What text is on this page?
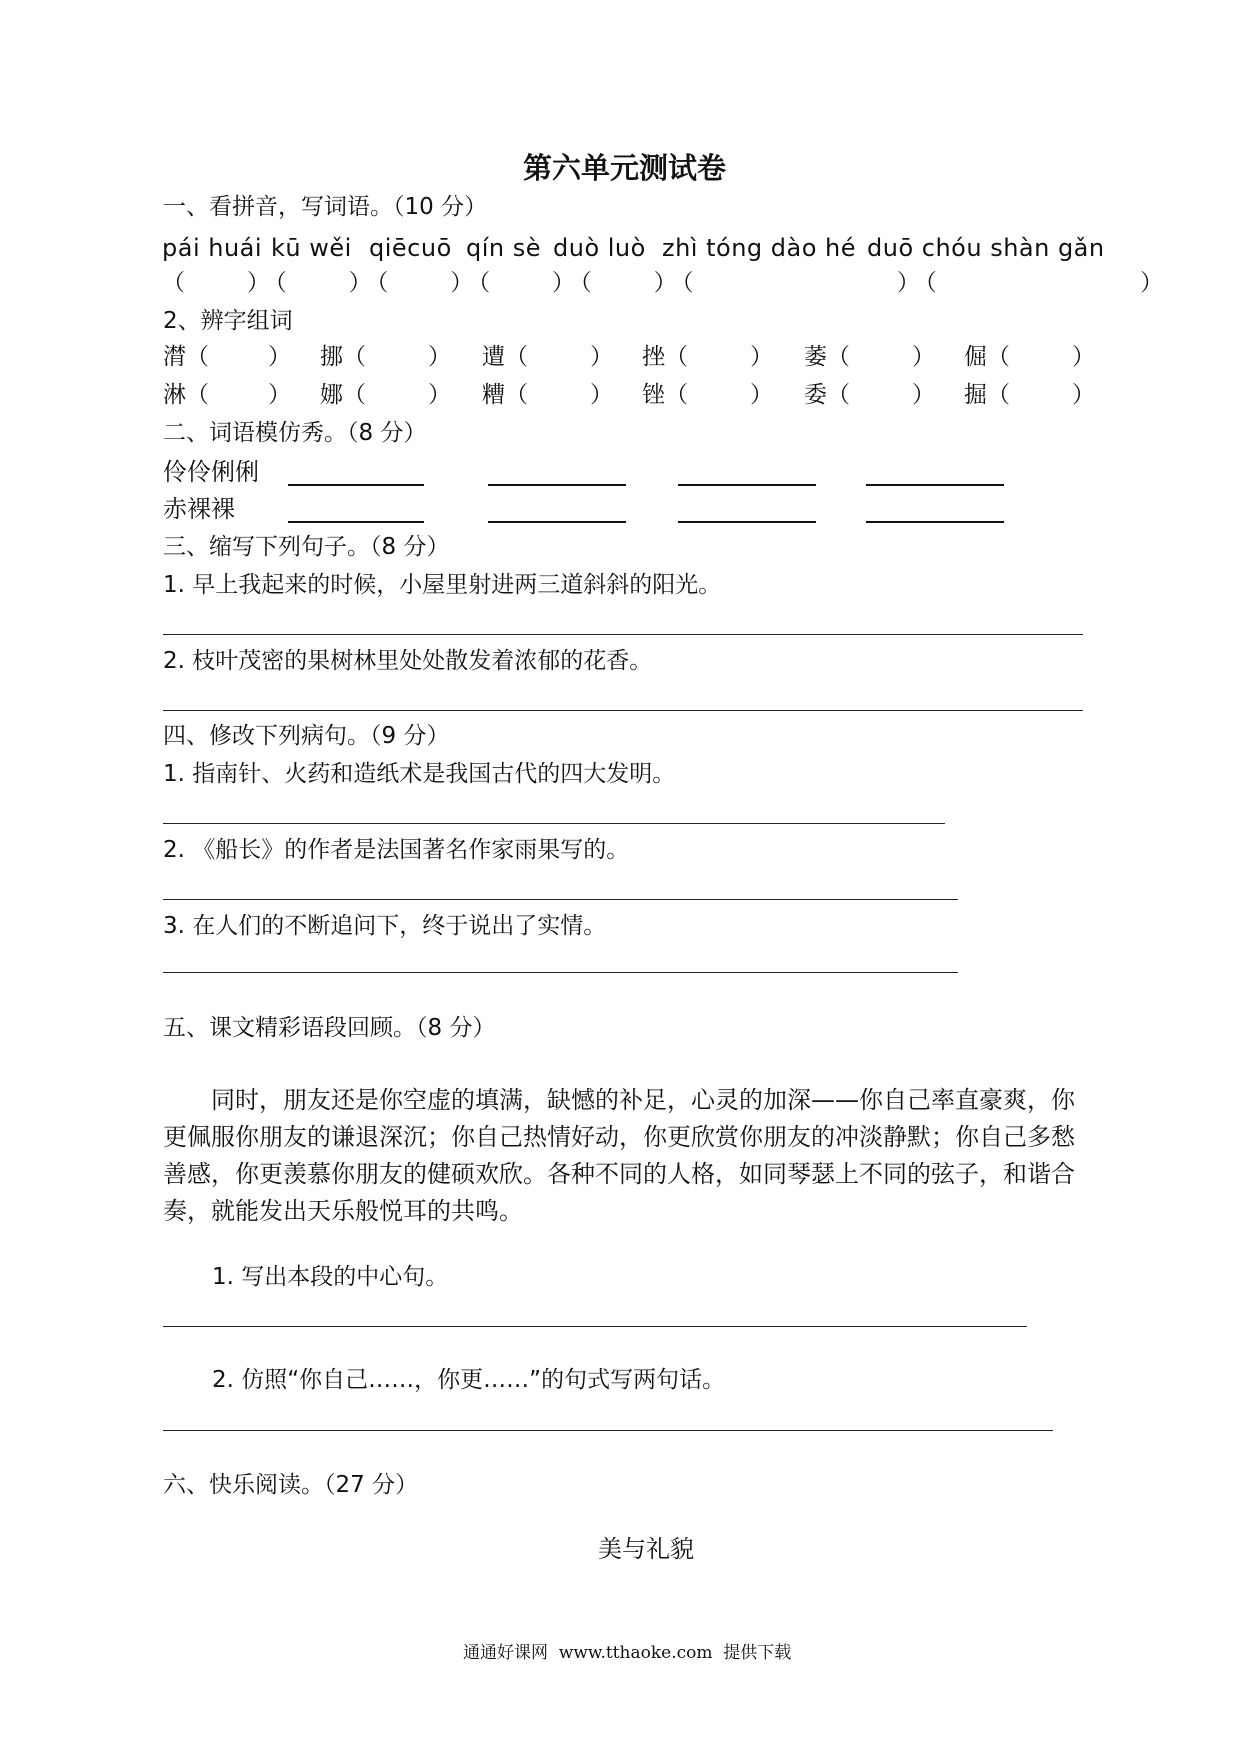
第六单元测试卷
一、看拼音，写词语。（10 分）
pái huái kū wěi qiēcuō qín sè duò luò zhì tóng dào hé duō chóu shàn gǎn
（　　）（　　）（　　）（　　）（　　）（　　　　　　　）（　　　　　　　）
2、辨字组词
潸（	） 挪（	） 遭（	） 挫（	） 萎（	） 倔（	）
淋（	） 娜（	） 糟（	） 锉（	） 委（	） 掘（	）
二、词语模仿秀。（8 分）
伶伶俐俐
赤裸裸
三、缩写下列句子。（8 分）
1. 早上我起来的时候，小屋里射进两三道斜斜的阳光。
2. 枝叶茂密的果树林里处处散发着浓郁的花香。
四、修改下列病句。（9 分）
1. 指南针、火药和造纸术是我国古代的四大发明。
2. 《船长》的作者是法国著名作家雨果写的。
3. 在人们的不断追问下，终于说出了实情。
五、课文精彩语段回顾。（8 分）

同时，朋友还是你空虚的填满，缺憾的补足，心灵的加深——你自己率直豪爽，你更佩服你朋友的谦退深沉；你自己热情好动，你更欣赏你朋友的冲淡静默；你自己多愁善感，你更羡慕你朋友的健硕欢欣。各种不同的人格，如同琴瑟上不同的弦子，和谐合奏，就能发出天乐般悦耳的共鸣。

1. 写出本段的中心句。
2. 仿照“你自己……，你更……”的句式写两句话。
六、快乐阅读。（27 分）
美与礼貌
通通好课网  www.tthaoke.com  提供下载
